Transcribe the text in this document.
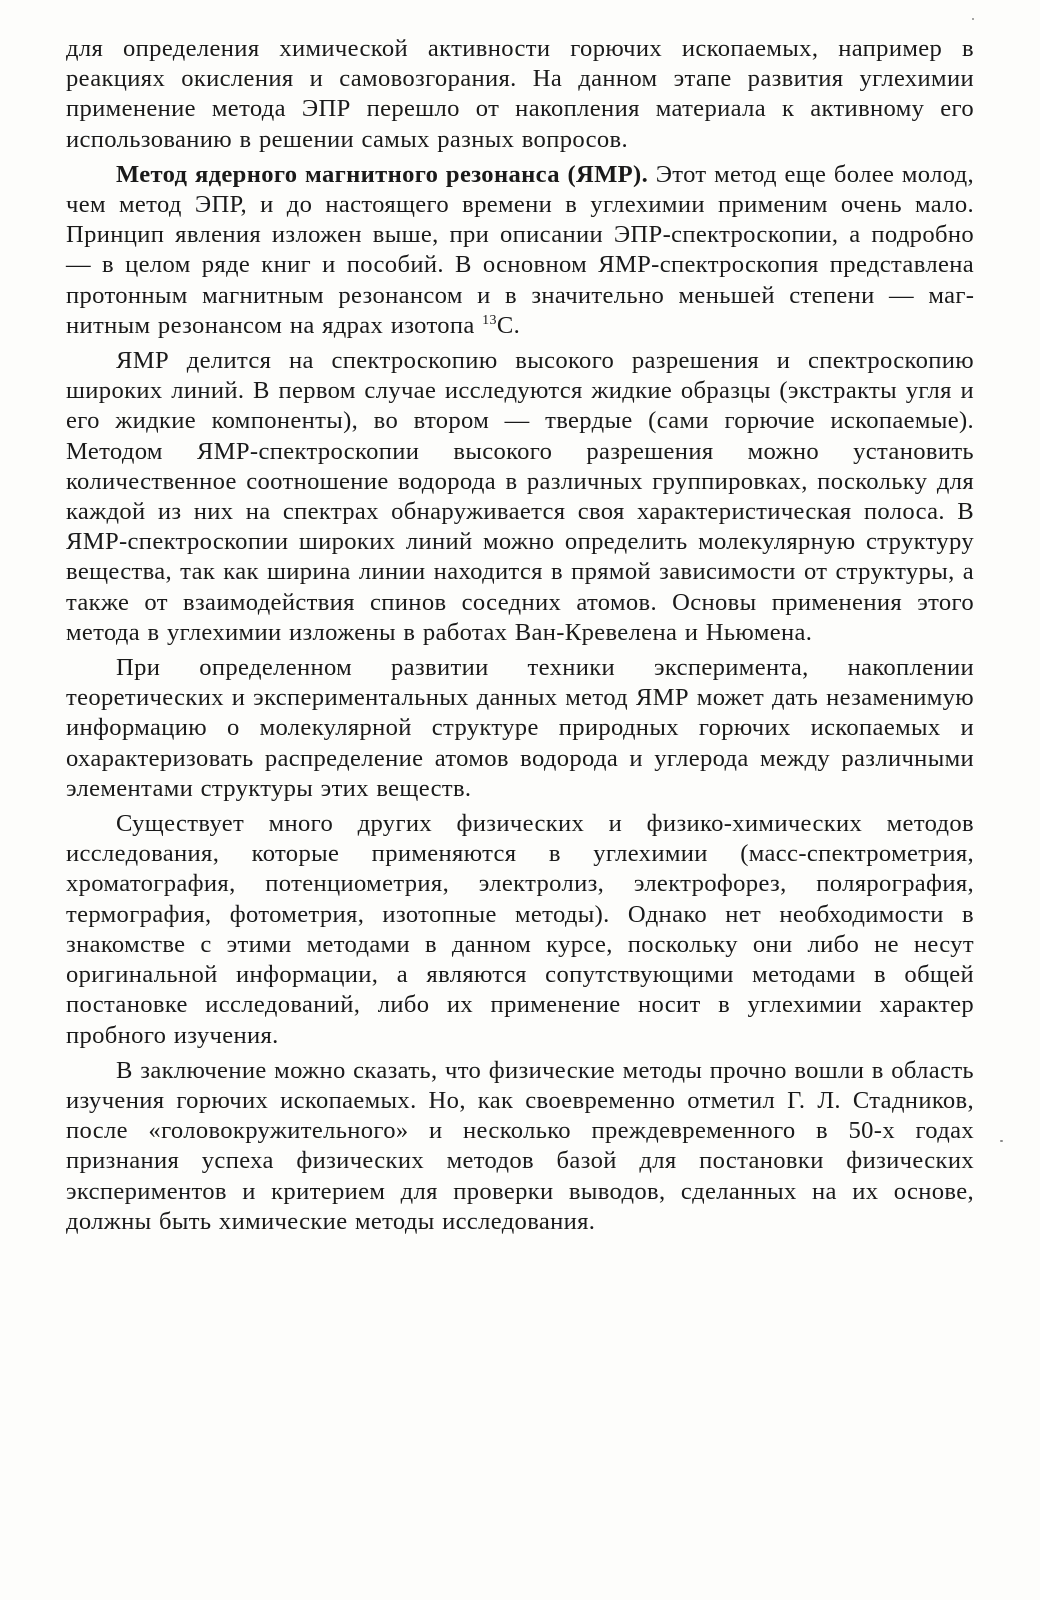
для определения химической активности горючих ископаемых, например в реакциях окисления и самовозгорания. На данном этапе развития углехимии применение метода ЭПР перешло от накопления материала к активному его использованию в решении самых разных вопросов.

Метод ядерного магнитного резонанса (ЯМР). Этот метод еще более молод, чем метод ЭПР, и до настоящего времени в углехимии применим очень мало. Принцип явления изложен выше, при описании ЭПР-спектроскопии, а подробно — в целом ряде книг и пособий. В основном ЯМР-спектроскопия представлена протонным магнитным резонансом и в значительно меньшей степени — магнитным резонансом на ядрах изотопа $^{13}$С.

ЯМР делится на спектроскопию высокого разрешения и спектроскопию широких линий. В первом случае исследуются жидкие образцы (экстракты угля и его жидкие компоненты), во втором — твердые (сами горючие ископаемые). Методом ЯМР-спектроскопии высокого разрешения можно установить количественное соотношение водорода в различных группировках, поскольку для каждой из них на спектрах обнаруживается своя характеристическая полоса. В ЯМР-спектроскопии широких линий можно определить молекулярную структуру вещества, так как ширина линии находится в прямой зависимости от структуры, а также от взаимодействия спинов соседних атомов. Основы применения этого метода в углехимии изложены в работах Ван-Кревелена и Ньюмена.

При определенном развитии техники эксперимента, накоплении теоретических и экспериментальных данных метод ЯМР может дать незаменимую информацию о молекулярной структуре природных горючих ископаемых и охарактеризовать распределение атомов водорода и углерода между различными элементами структуры этих веществ.

Существует много других физических и физико-химических методов исследования, которые применяются в углехимии (масс-спектрометрия, хроматография, потенциометрия, электролиз, электрофорез, полярография, термография, фотометрия, изотопные методы). Однако нет необходимости в знакомстве с этими методами в данном курсе, поскольку они либо не несут оригинальной информации, а являются сопутствующими методами в общей постановке исследований, либо их применение носит в углехимии характер пробного изучения.

В заключение можно сказать, что физические методы прочно вошли в область изучения горючих ископаемых. Но, как своевременно отметил Г. Л. Стадников, после «головокружительного» и несколько преждевременного в 50-х годах признания успеха физических методов базой для постановки физических экспериментов и критерием для проверки выводов, сделанных на их основе, должны быть химические методы исследования.
